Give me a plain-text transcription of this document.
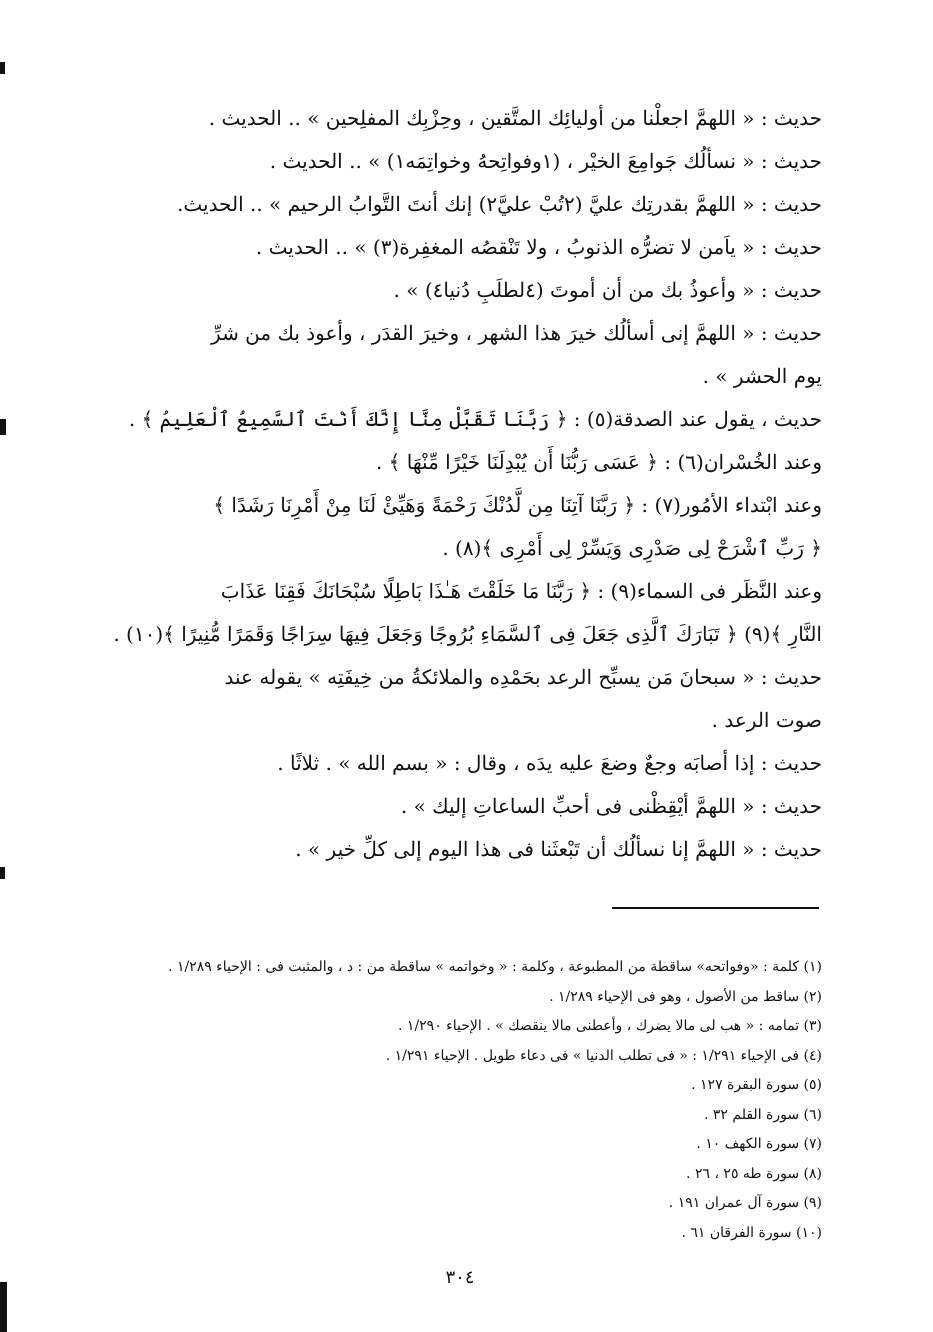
حديث : « اللهمَّ اجعلْنا من أوليائِك المتَّقين ، وحِزْبِك المفلِحين » .. الحديث .
حديث : « نسألُك جَوامِعَ الخيْر ، (١وفواتِحهُ وخواتِمَه١) » .. الحديث .
حديث : « اللهمَّ بقدرتِك عليَّ (٢تُبْ عليَّ٢) إنك أنتَ التَّوابُ الرحيم » .. الحديث.
حديث : « ياَمن لا تضرُّه الذنوبُ ، ولا تَنْقصُه المغفِرة(٣) » .. الحديث .
حديث : « وأعوذُ بك من أن أموتَ (٤لطلَبِ دُنيا٤) » .
حديث : « اللهمَّ إنى أسألُك خيرَ هذا الشهر ، وخيرَ القدَر ، وأعوذ بك من شرِّ
يوم الحشر » .
حديث ، يقول عند الصدقة(٥) : ﴿ رَبَّنَا تَقَبَّلْ مِنَّا إِنَّكَ أَنْتَ ٱلسَّمِيعُ ٱلْعَلِيمُ ﴾ .
وعند الخُسْران(٦) : ﴿ عَسَى رَبُّنَا أَن يُبْدِلَنَا خَيْرًا مِّنْهَا ﴾ .
وعند ابْتداء الأمُور(٧) : ﴿ رَبَّنَا آتِنَا مِن لَّدُنْكَ رَحْمَةً وَهَيِّئْ لَنَا مِنْ أَمْرِنَا رَشَدًا ﴾
﴿ رَبِّ ٱشْرَحْ لِى صَدْرِى وَيَسِّرْ لِى أَمْرِى ﴾(٨) .
وعند النَّظَر فى السماء(٩) : ﴿ رَبَّنَا مَا خَلَقْتَ هَـٰذَا بَاطِلًا سُبْحَانَكَ فَقِنَا عَذَابَ
النَّارِ ﴾(٩) ﴿ تَبَارَكَ ٱلَّذِى جَعَلَ فِى ٱلسَّمَاءِ بُرُوجًا وَجَعَلَ فِيهَا سِرَاجًا وَقَمَرًا مُّنِيرًا ﴾(١٠) .
حديث : « سبحانَ مَن يسبِّح الرعد بحَمْدِه والملائكةُ من خِيفَتِه » يقوله عند
صوت الرعد .
حديث : إذا أصابَه وجعٌ وضعَ عليه يدَه ، وقال : « بسم الله » . ثلاثًا .
حديث : « اللهمَّ أيْقِظْنى فى أحبِّ الساعاتِ إليك » .
حديث : « اللهمَّ إنا نسألُك أن تَبْعثَنا فى هذا اليوم إلى كلِّ خير » .
(١) كلمة : «وفواتحه» ساقطة من المطبوعة ، وكلمة : « وخواتمه » ساقطة من : د ، والمثبت فى : الإحياء ١/٢٨٩ .
(٢) ساقط من الأصول ، وهو فى الإحياء ١/٢٨٩ .
(٣) تمامه : « هب لى مالا يضرك ، وأعطنى مالا ينقصك » . الإحياء ١/٢٩٠ .
(٤) فى الإحياء ١/٢٩١ : « فى تطلب الدنيا » فى دعاء طويل . الإحياء ١/٢٩١ .
(٥) سورة البقرة ١٢٧ .
(٦) سورة القلم ٣٢ .
(٧) سورة الكهف ١٠ .
(٨) سورة طه ٢٥ ، ٢٦ .
(٩) سورة آل عمران ١٩١ .
(١٠) سورة الفرقان ٦١ .
٣٠٤
